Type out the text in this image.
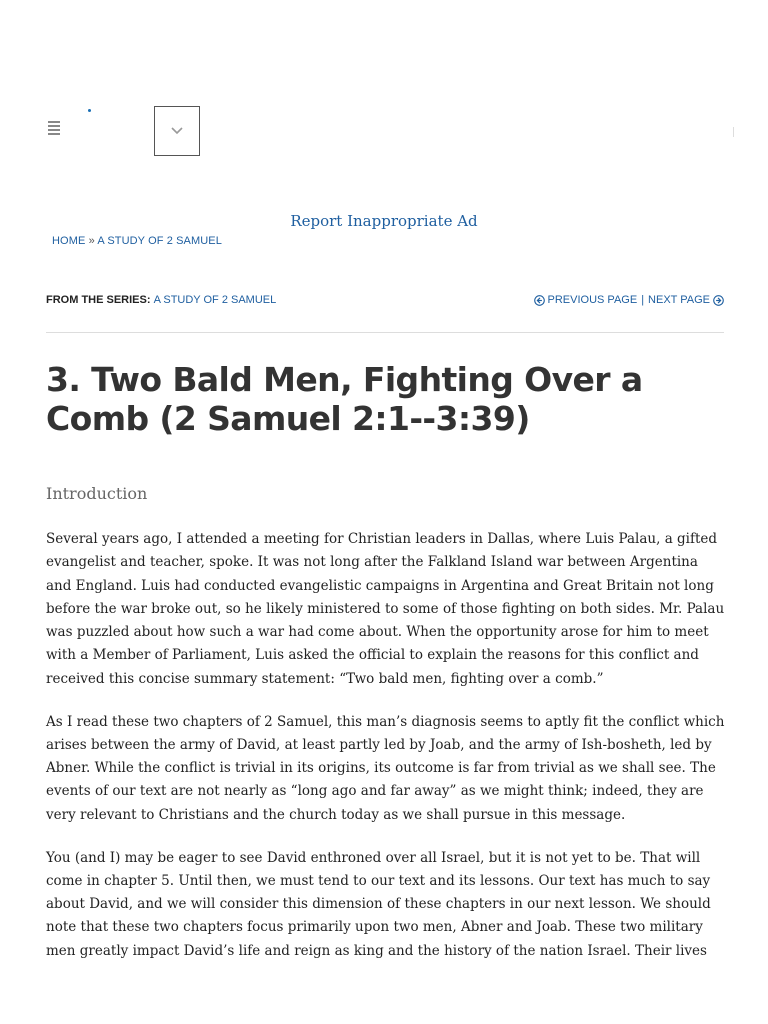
Report Inappropriate Ad
HOME » A STUDY OF 2 SAMUEL
FROM THE SERIES: A STUDY OF 2 SAMUEL	PREVIOUS PAGE | NEXT PAGE
3. Two Bald Men, Fighting Over a Comb (2 Samuel 2:1--3:39)
Introduction

Several years ago, I attended a meeting for Christian leaders in Dallas, where Luis Palau, a gifted evangelist and teacher, spoke. It was not long after the Falkland Island war between Argentina and England. Luis had conducted evangelistic campaigns in Argentina and Great Britain not long before the war broke out, so he likely ministered to some of those fighting on both sides. Mr. Palau was puzzled about how such a war had come about. When the opportunity arose for him to meet with a Member of Parliament, Luis asked the official to explain the reasons for this conflict and received this concise summary statement: “Two bald men, fighting over a comb.”

As I read these two chapters of 2 Samuel, this man’s diagnosis seems to aptly fit the conflict which arises between the army of David, at least partly led by Joab, and the army of Ish-bosheth, led by Abner. While the conflict is trivial in its origins, its outcome is far from trivial as we shall see. The events of our text are not nearly as “long ago and far away” as we might think; indeed, they are very relevant to Christians and the church today as we shall pursue in this message.

You (and I) may be eager to see David enthroned over all Israel, but it is not yet to be. That will come in chapter 5. Until then, we must tend to our text and its lessons. Our text has much to say about David, and we will consider this dimension of these chapters in our next lesson. We should note that these two chapters focus primarily upon two men, Abner and Joab. These two military men greatly impact David’s life and reign as king and the history of the nation Israel. Their lives
